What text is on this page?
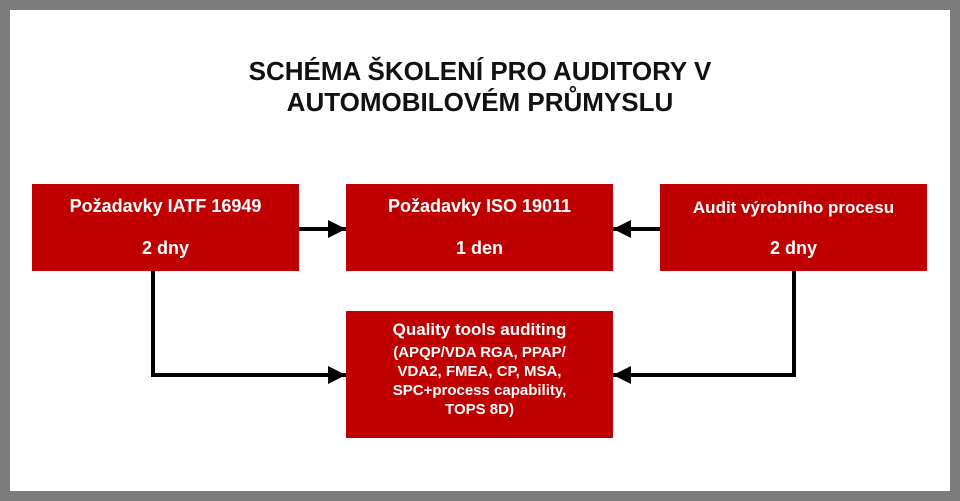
SCHÉMA ŠKOLENÍ PRO AUDITORY V
AUTOMOBILOVÉM PRŮMYSLU
Požadavky IATF 16949
2 dny
Požadavky ISO 19011
1 den
Audit výrobního procesu
2 dny
Quality tools auditing
(APQP/VDA RGA, PPAP/
VDA2, FMEA, CP, MSA,
SPC+process capability,
TOPS 8D)
